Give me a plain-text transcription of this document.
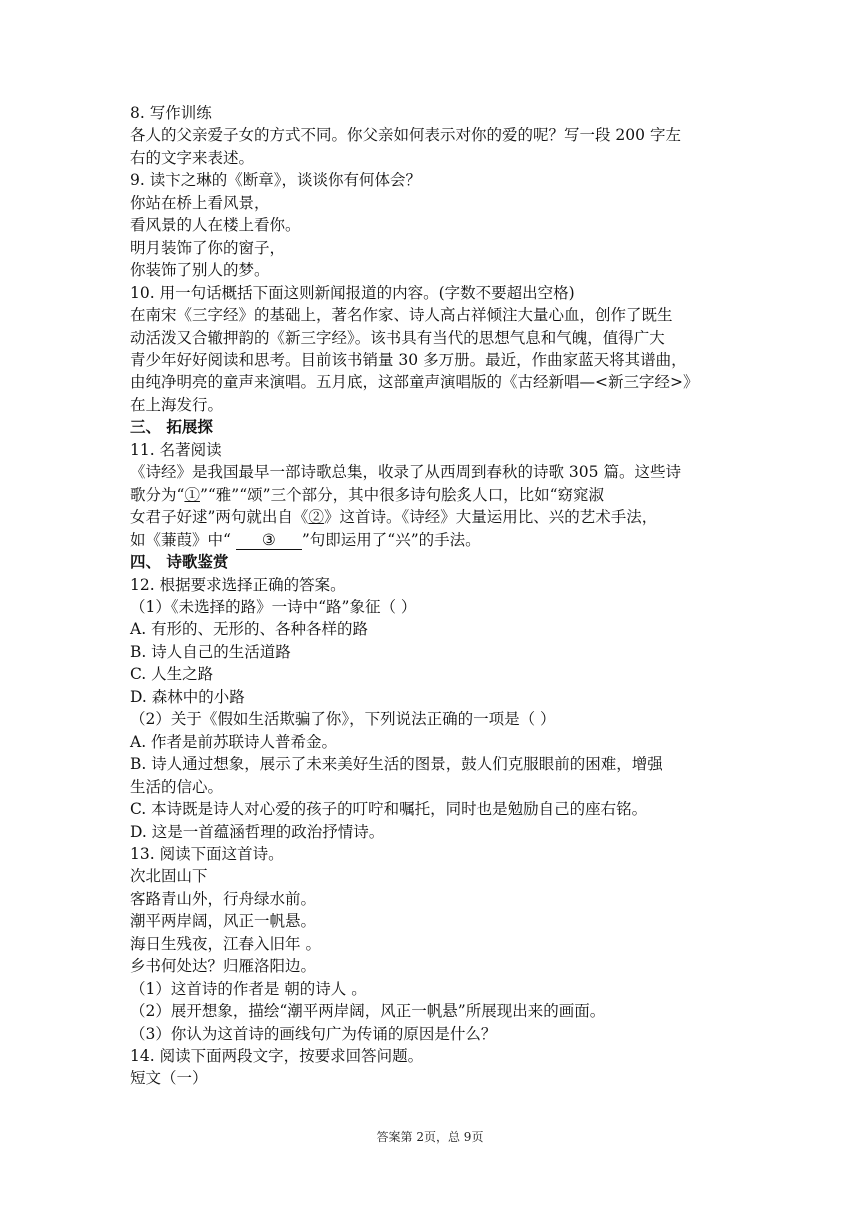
8. 写作训练
各人的父亲爱子女的方式不同。你父亲如何表示对你的爱的呢？写一段 200 字左
右的文字来表述。
9. 读卞之琳的《断章》，谈谈你有何体会？
你站在桥上看风景，
看风景的人在楼上看你。
明月装饰了你的窗子，
你装饰了别人的梦。
10. 用一句话概括下面这则新闻报道的内容。(字数不要超出空格)
在南宋《三字经》的基础上，著名作家、诗人高占祥倾注大量心血，创作了既生
动活泼又合辙押韵的《新三字经》。该书具有当代的思想气息和气魄，值得广大
青少年好好阅读和思考。目前该书销量 30 多万册。最近，作曲家蓝天将其谱曲，
由纯净明亮的童声来演唱。五月底，这部童声演唱版的《古经新唱—<新三字经>》
在上海发行。
三、 拓展探
11. 名著阅读
《诗经》是我国最早一部诗歌总集，收录了从西周到春秋的诗歌 305 篇。这些诗
歌分为“①”“雅”“颂”三个部分，其中很多诗句脍炙人口，比如“窈窕淑
女君子好逑”两句就出自《②》这首诗。《诗经》大量运用比、兴的艺术手法，
如《蒹葭》中“ ③ ”句即运用了“兴”的手法。
四、 诗歌鉴赏
12. 根据要求选择正确的答案。
（1）《未选择的路》一诗中“路”象征（ ）
A. 有形的、无形的、各种各样的路
B. 诗人自己的生活道路
C. 人生之路
D. 森林中的小路
（2）关于《假如生活欺骗了你》，下列说法正确的一项是（ ）
A. 作者是前苏联诗人普希金。
B. 诗人通过想象，展示了未来美好生活的图景，鼓人们克服眼前的困难，增强
生活的信心。
C. 本诗既是诗人对心爱的孩子的叮咛和嘱托，同时也是勉励自己的座右铭。
D. 这是一首蕴涵哲理的政治抒情诗。
13. 阅读下面这首诗。
次北固山下
客路青山外，行舟绿水前。
潮平两岸阔，风正一帆悬。
海日生残夜，江春入旧年 。
乡书何处达？归雁洛阳边。
（1）这首诗的作者是 朝的诗人 。
（2）展开想象，描绘“潮平两岸阔，风正一帆悬”所展现出来的画面。
（3）你认为这首诗的画线句广为传诵的原因是什么？
14. 阅读下面两段文字，按要求回答问题。
短文（一）
答案第 2页，总 9页
